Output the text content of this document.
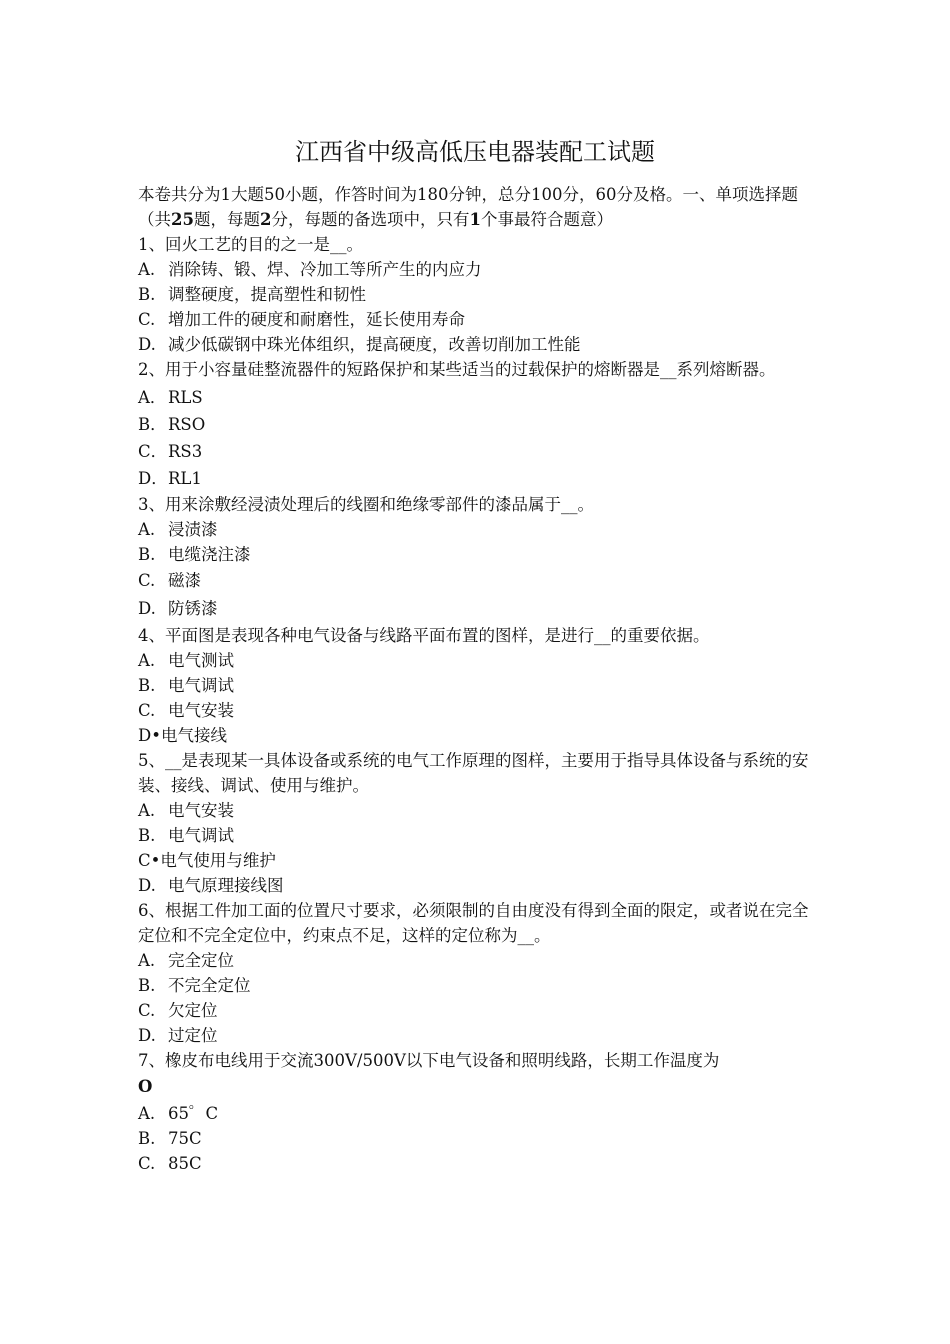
江西省中级高低压电器装配工试题

本卷共分为1大题50小题，作答时间为180分钟，总分100分，60分及格。一、单项选择题（共25题，每题2分，每题的备选项中，只有1个事最符合题意）

1、回火工艺的目的之一是__。

A. 消除铸、锻、焊、冷加工等所产生的内应力

B. 调整硬度，提高塑性和韧性

C. 增加工件的硬度和耐磨性，延长使用寿命

D. 减少低碳钢中珠光体组织，提高硬度，改善切削加工性能

2、用于小容量硅整流器件的短路保护和某些适当的过载保护的熔断器是__系列熔断器。

A．RLS

B．RSO

C．RS3

D．RL1

3、用来涂敷经浸渍处理后的线圈和绝缘零部件的漆品属于__。

A. 浸渍漆

B. 电缆浇注漆

C. 磁漆

D. 防锈漆

4、平面图是表现各种电气设备与线路平面布置的图样，是进行__的重要依据。

A. 电气测试

B. 电气调试

C. 电气安装

D•电气接线

5、__是表现某一具体设备或系统的电气工作原理的图样，主要用于指导具体设备与系统的安装、接线、调试、使用与维护。

A. 电气安装

B. 电气调试

C•电气使用与维护

D. 电气原理接线图

6、根据工件加工面的位置尺寸要求，必须限制的自由度没有得到全面的限定，或者说在完全定位和不完全定位中，约束点不足，这样的定位称为__。

A. 完全定位

B. 不完全定位

C. 欠定位

D. 过定位

7、橡皮布电线用于交流300V/500V以下电气设备和照明线路，长期工作温度为

O

A. 65゜C

B. 75C

C. 85C
